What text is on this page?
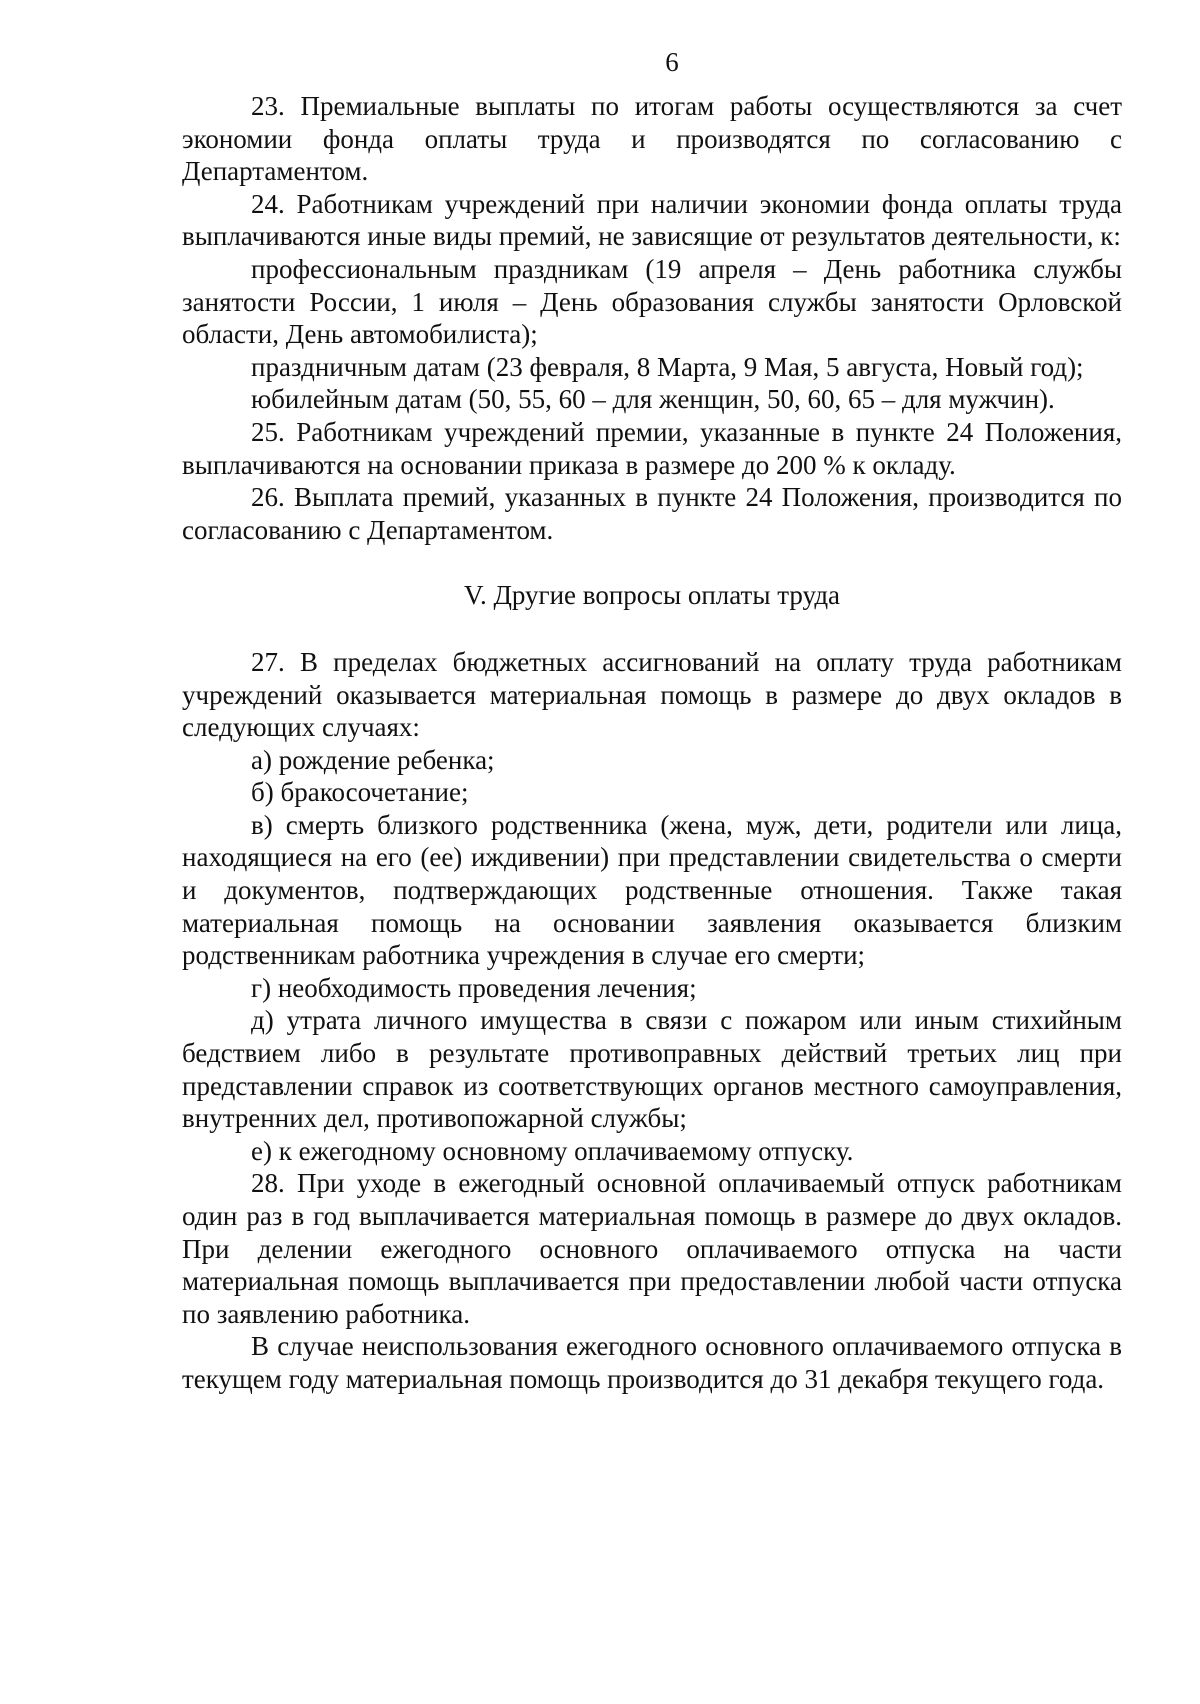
6

23. Премиальные выплаты по итогам работы осуществляются за счет экономии фонда оплаты труда и производятся по согласованию с Департаментом.

24. Работникам учреждений при наличии экономии фонда оплаты труда выплачиваются иные виды премий, не зависящие от результатов деятельности, к:

профессиональным праздникам (19 апреля – День работника службы занятости России, 1 июля – День образования службы занятости Орловской области, День автомобилиста);

праздничным датам (23 февраля, 8 Марта, 9 Мая, 5 августа, Новый год);

юбилейным датам (50, 55, 60 – для женщин, 50, 60, 65 – для мужчин).

25. Работникам учреждений премии, указанные в пункте 24 Положения, выплачиваются на основании приказа в размере до 200 % к окладу.

26. Выплата премий, указанных в пункте 24 Положения, производится по согласованию с Департаментом.

V. Другие вопросы оплаты труда

27. В пределах бюджетных ассигнований на оплату труда работникам учреждений оказывается материальная помощь в размере до двух окладов в следующих случаях:

а) рождение ребенка;

б) бракосочетание;

в) смерть близкого родственника (жена, муж, дети, родители или лица, находящиеся на его (ее) иждивении) при представлении свидетельства о смерти и документов, подтверждающих родственные отношения. Также такая материальная помощь на основании заявления оказывается близким родственникам работника учреждения в случае его смерти;

г) необходимость проведения лечения;

д) утрата личного имущества в связи с пожаром или иным стихийным бедствием либо в результате противоправных действий третьих лиц при представлении справок из соответствующих органов местного самоуправления, внутренних дел, противопожарной службы;

е) к ежегодному основному оплачиваемому отпуску.

28. При уходе в ежегодный основной оплачиваемый отпуск работникам один раз в год выплачивается материальная помощь в размере до двух окладов. При делении ежегодного основного оплачиваемого отпуска на части материальная помощь выплачивается при предоставлении любой части отпуска по заявлению работника.

В случае неиспользования ежегодного основного оплачиваемого отпуска в текущем году материальная помощь производится до 31 декабря текущего года.
